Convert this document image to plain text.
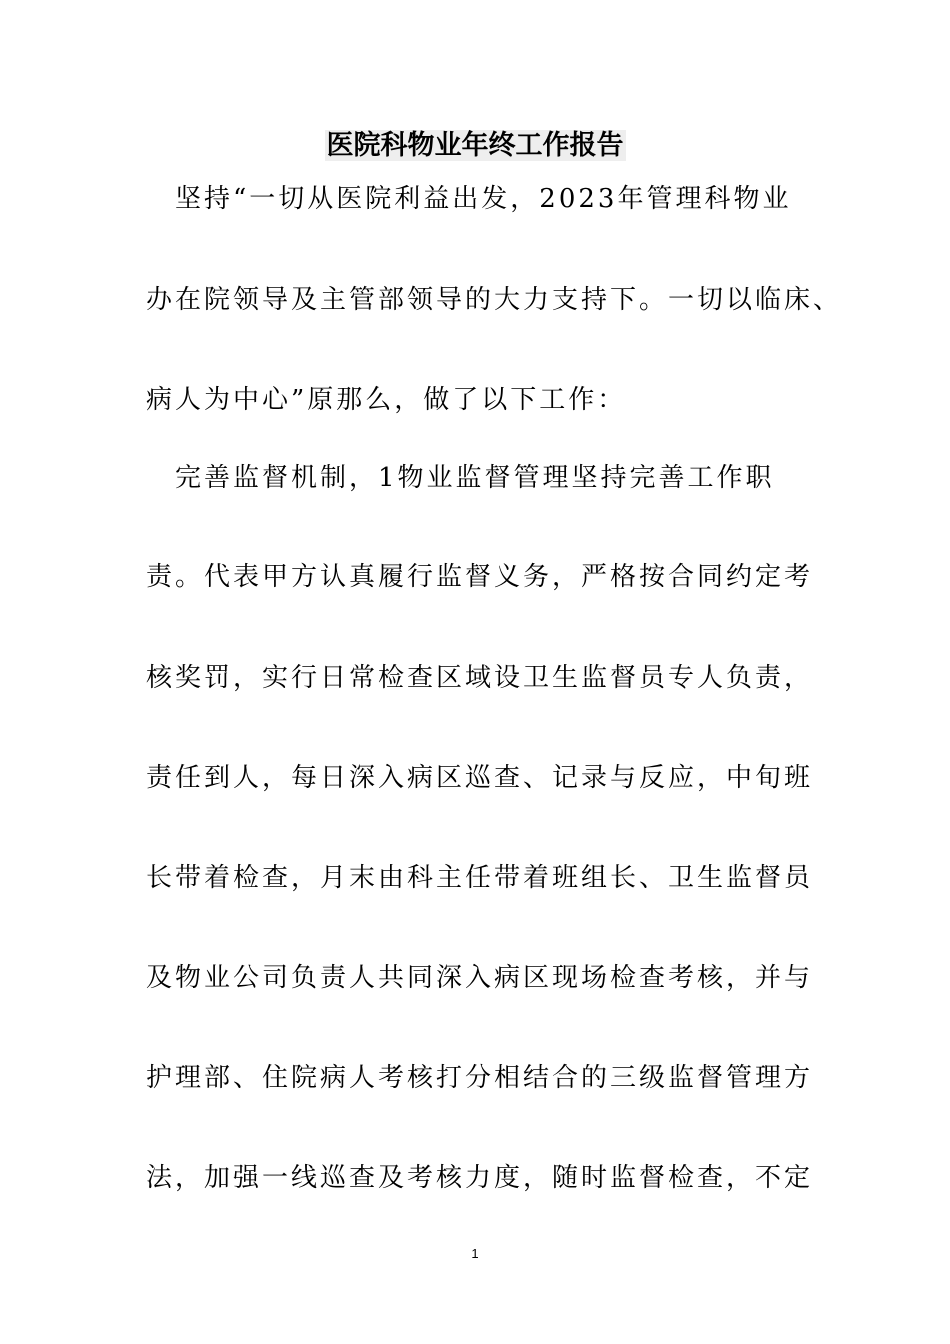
医院科物业年终工作报告
　坚持“一切从医院利益出发，2023年管理科物业
办在院领导及主管部领导的大力支持下。一切以临床、
病人为中心”原那么，做了以下工作：
　完善监督机制，1物业监督管理坚持完善工作职
责。代表甲方认真履行监督义务，严格按合同约定考
核奖罚，实行日常检查区域设卫生监督员专人负责，
责任到人，每日深入病区巡查、记录与反应，中旬班
长带着检查，月末由科主任带着班组长、卫生监督员
及物业公司负责人共同深入病区现场检查考核，并与
护理部、住院病人考核打分相结合的三级监督管理方
法，加强一线巡查及考核力度，随时监督检查，不定
1
